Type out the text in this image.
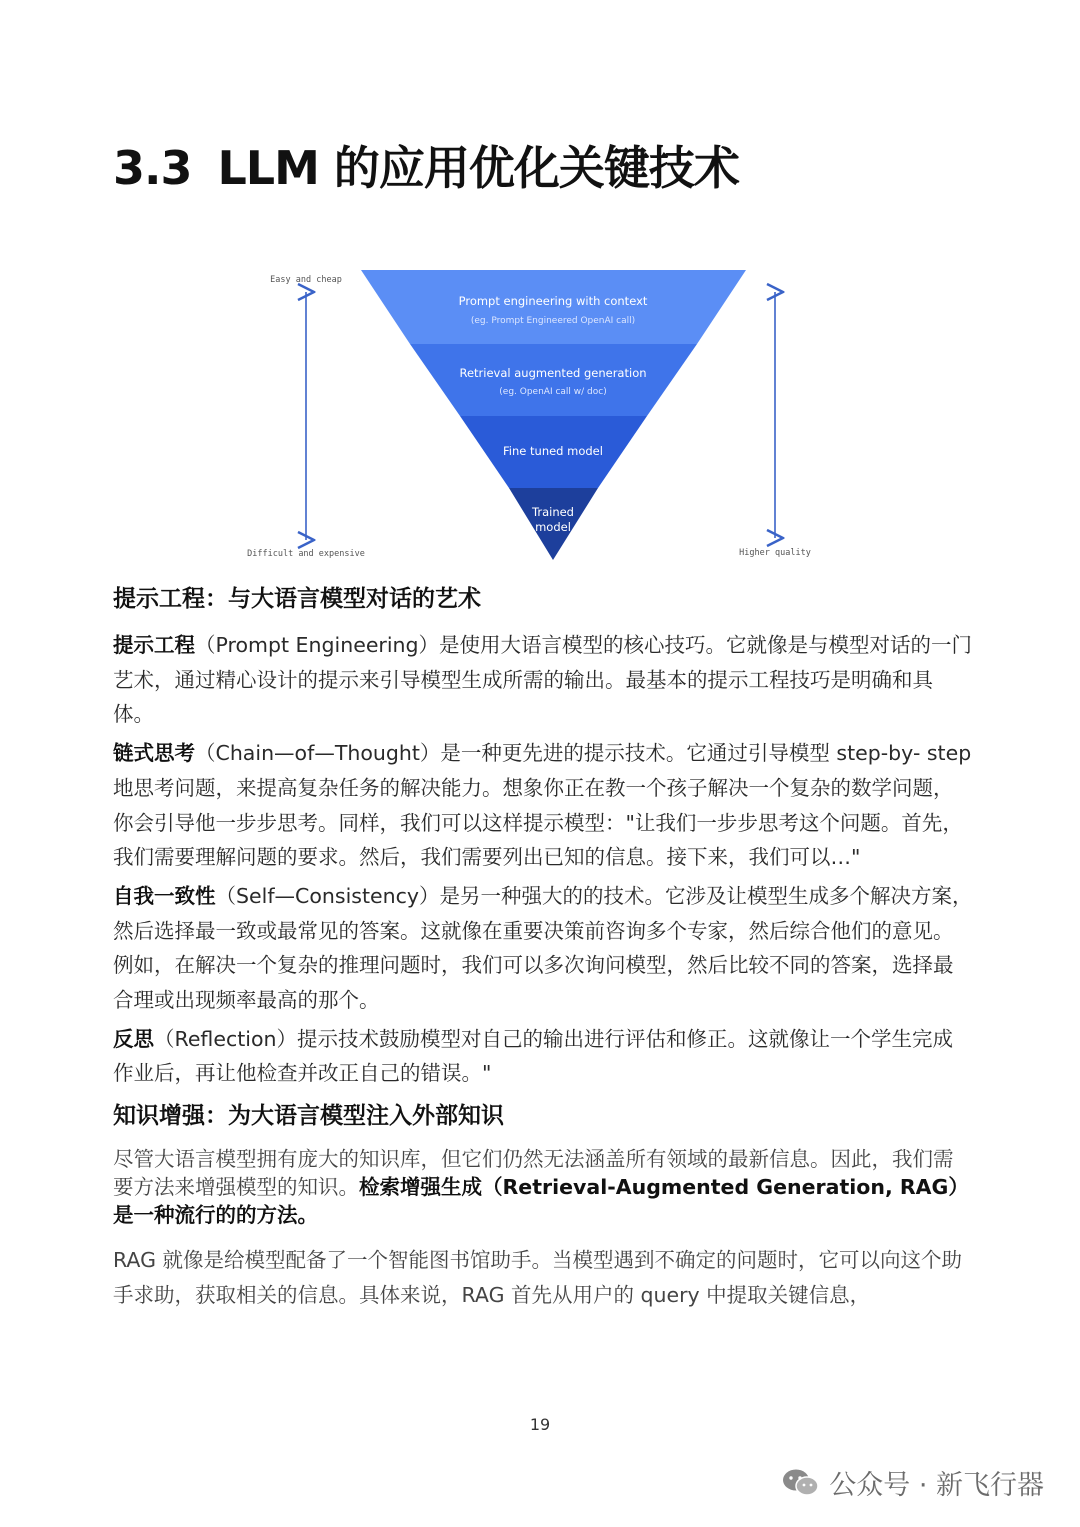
3.3 LLM 的应用优化关键技术
Easy and cheap
Difficult and expensive	Higher quality
Prompt engineering with context
(eg. Prompt Engineered OpenAI call)
Retrieval augmented generation
(eg. OpenAI call w/ doc)
Fine tuned model
Trained
model
提示工程：与大语言模型对话的艺术

提示工程（Prompt Engineering）是使用大语言模型的核心技巧。它就像是与模型对话的一门艺术，通过精心设计的提示来引导模型生成所需的输出。最基本的提示工程技巧是明确和具体。

链式思考（Chain—of—Thought）是一种更先进的提示技术。它通过引导模型 step-by- step 地思考问题，来提高复杂任务的解决能力。想象你正在教一个孩子解决一个复杂的数学问题，你会引导他一步步思考。同样，我们可以这样提示模型："让我们一步步思考这个问题。首先，我们需要理解问题的要求。然后，我们需要列出已知的信息。接下来，我们可以…"

自我一致性（Self—Consistency）是另一种强大的的技术。它涉及让模型生成多个解决方案，然后选择最一致或最常见的答案。这就像在重要决策前咨询多个专家，然后综合他们的意见。例如，在解决一个复杂的推理问题时，我们可以多次询问模型，然后比较不同的答案，选择最合理或出现频率最高的那个。

反思（Reflection）提示技术鼓励模型对自己的输出进行评估和修正。这就像让一个学生完成作业后，再让他检查并改正自己的错误。"

知识增强：为大语言模型注入外部知识

尽管大语言模型拥有庞大的知识库，但它们仍然无法涵盖所有领域的最新信息。因此，我们需要方法来增强模型的知识。检索增强生成（Retrieval-Augmented Generation, RAG）是一种流行的的方法。

RAG 就像是给模型配备了一个智能图书馆助手。当模型遇到不确定的问题时，它可以向这个助手求助，获取相关的信息。具体来说，RAG 首先从用户的 query 中提取关键信息，

19
公众号 · 新飞行器
